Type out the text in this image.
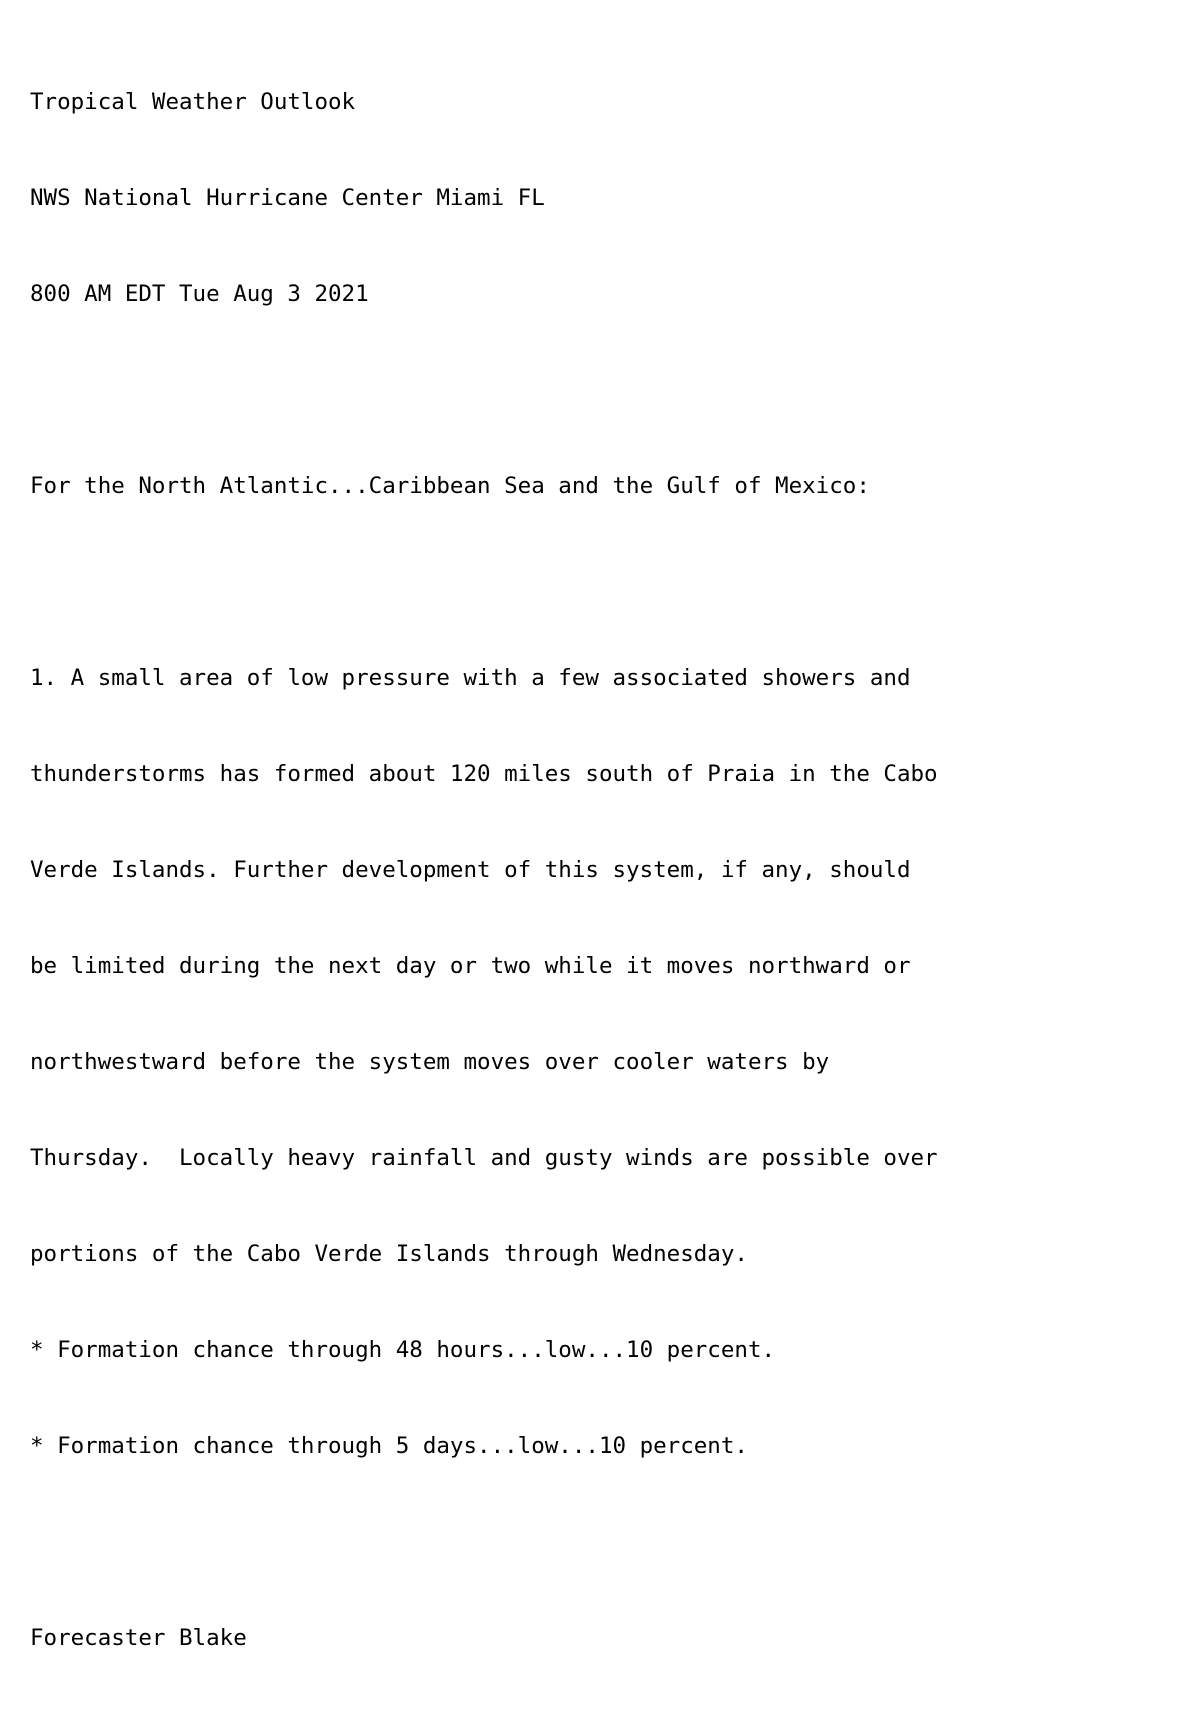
Tropical Weather Outlook

NWS National Hurricane Center Miami FL

800 AM EDT Tue Aug 3 2021

For the North Atlantic...Caribbean Sea and the Gulf of Mexico:

1. A small area of low pressure with a few associated showers and

thunderstorms has formed about 120 miles south of Praia in the Cabo

Verde Islands. Further development of this system, if any, should

be limited during the next day or two while it moves northward or

northwestward before the system moves over cooler waters by

Thursday.  Locally heavy rainfall and gusty winds are possible over

portions of the Cabo Verde Islands through Wednesday.

* Formation chance through 48 hours...low...10 percent.

* Formation chance through 5 days...low...10 percent.

Forecaster Blake
